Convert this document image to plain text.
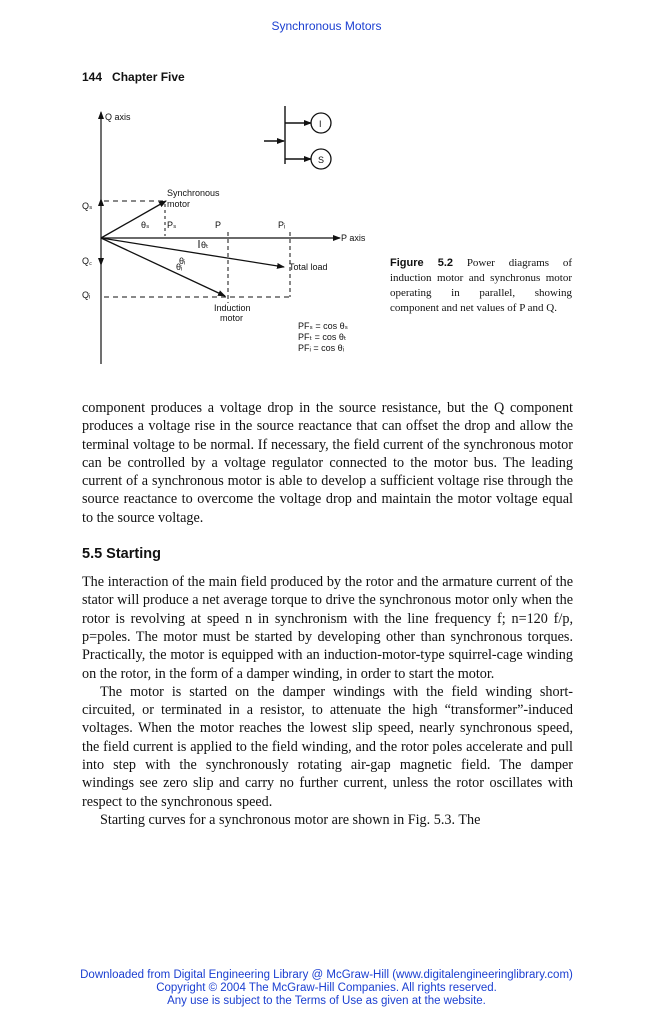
Synchronous Motors
144 Chapter Five
Q axis
P axis
Qₛ
Q꜀
Qᵢ
Synchronous
motor
θₛ Pₛ	P	Pᵢ
θₜ
θᵢ
θᵢ	Total load
Induction
motor
PFₛ = cos θₛ
PFₜ = cos θₜ
PFᵢ = cos θᵢ
I
S
Figure 5.2 Power diagrams of induction motor and synchronus motor operating in parallel, showing component and net values of P and Q.

component produces a voltage drop in the source resistance, but the Q component produces a voltage rise in the source reactance that can offset the drop and allow the terminal voltage to be normal. If necessary, the field current of the synchronous motor can be controlled by a voltage regulator connected to the motor bus. The leading current of a synchronous motor is able to develop a sufficient voltage rise through the source reactance to overcome the voltage drop and maintain the motor voltage equal to the source voltage.

5.5 Starting

The interaction of the main field produced by the rotor and the armature current of the stator will produce a net average torque to drive the synchronous motor only when the rotor is revolving at speed n in synchronism with the line frequency f; n=120 f/p, p=poles. The motor must be started by developing other than synchronous torques. Practically, the motor is equipped with an induction-motor-type squirrel-cage winding on the rotor, in the form of a damper winding, in order to start the motor.

The motor is started on the damper windings with the field winding short-circuited, or terminated in a resistor, to attenuate the high “transformer”-induced voltages. When the motor reaches the lowest slip speed, nearly synchronous speed, the field current is applied to the field winding, and the rotor poles accelerate and pull into step with the synchronously rotating air-gap magnetic field. The damper windings see zero slip and carry no further current, unless the rotor oscillates with respect to the synchronous speed.

Starting curves for a synchronous motor are shown in Fig. 5.3. The

Downloaded from Digital Engineering Library @ McGraw-Hill (www.digitalengineeringlibrary.com)
Copyright © 2004 The McGraw-Hill Companies. All rights reserved.
Any use is subject to the Terms of Use as given at the website.
